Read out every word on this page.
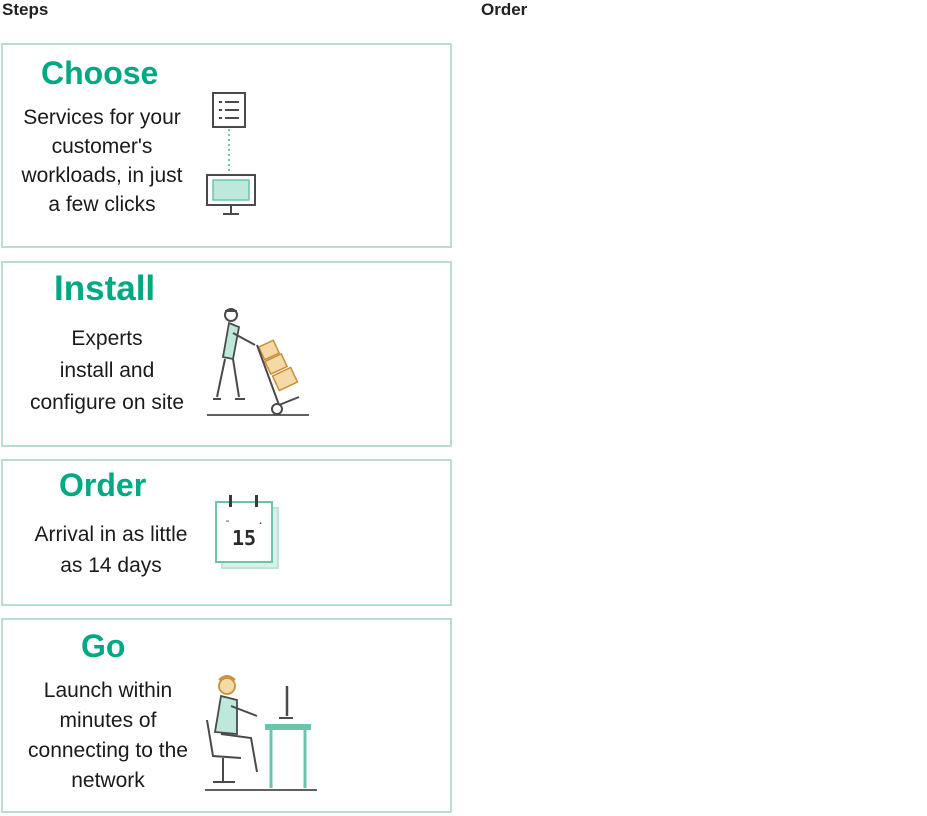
Steps	Order
Choose
Services for your
customer's
workloads, in just
a few clicks
Install
Experts
install and
configure on site
Order
Arrival in as little
as 14 days
-    .
15
Go
Launch within
minutes of
connecting to the
network
